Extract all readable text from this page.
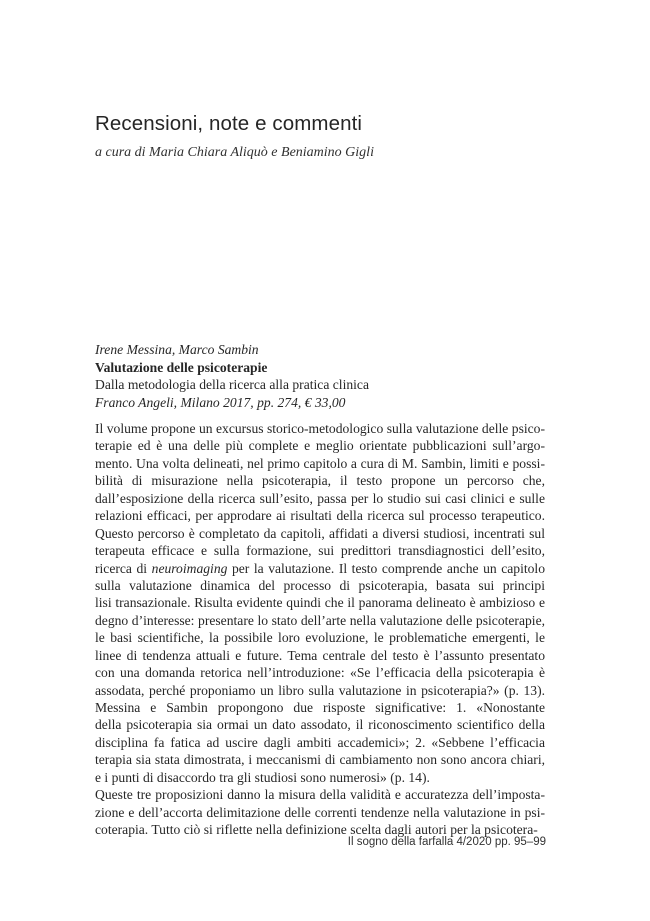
Recensioni, note e commenti
a cura di Maria Chiara Aliquò e Beniamino Gigli
Irene Messina, Marco Sambin
Valutazione delle psicoterapie
Dalla metodologia della ricerca alla pratica clinica
Franco Angeli, Milano 2017, pp. 274, € 33,00
Il volume propone un excursus storico-metodologico sulla valutazione delle psico-
terapie ed è una delle più complete e meglio orientate pubblicazioni sull’argo-
mento. Una volta delineati, nel primo capitolo a cura di M. Sambin, limiti e possi-
bilità di misurazione nella psicoterapia, il testo propone un percorso che,
dall’esposizione della ricerca sull’esito, passa per lo studio sui casi clinici e sulle
relazioni efficaci, per approdare ai risultati della ricerca sul processo terapeutico.
Questo percorso è completato da capitoli, affidati a diversi studiosi, incentrati sul
terapeuta efficace e sulla formazione, sui predittori transdiagnostici dell’esito,
ricerca di neuroimaging per la valutazione. Il testo comprende anche un capitolo
sulla valutazione dinamica del processo di psicoterapia, basata sui principi
lisi transazionale. Risulta evidente quindi che il panorama delineato è ambizioso e
degno d’interesse: presentare lo stato dell’arte nella valutazione delle psicoterapie,
le basi scientifiche, la possibile loro evoluzione, le problematiche emergenti, le
linee di tendenza attuali e future. Tema centrale del testo è l’assunto presentato
con una domanda retorica nell’introduzione: «Se l’efficacia della psicoterapia è
assodata, perché proponiamo un libro sulla valutazione in psicoterapia?» (p. 13).
Messina e Sambin propongono due risposte significative: 1. «Nonostante
della psicoterapia sia ormai un dato assodato, il riconoscimento scientifico della
disciplina fa fatica ad uscire dagli ambiti accademici»; 2. «Sebbene l’efficacia
terapia sia stata dimostrata, i meccanismi di cambiamento non sono ancora chiari,
e i punti di disaccordo tra gli studiosi sono numerosi» (p. 14).
Queste tre proposizioni danno la misura della validità e accuratezza dell’imposta-
zione e dell’accorta delimitazione delle correnti tendenze nella valutazione in psi-
coterapia. Tutto ciò si riflette nella definizione scelta dagli autori per la psicotera-
Il sogno della farfalla 4/2020 pp. 95–99
